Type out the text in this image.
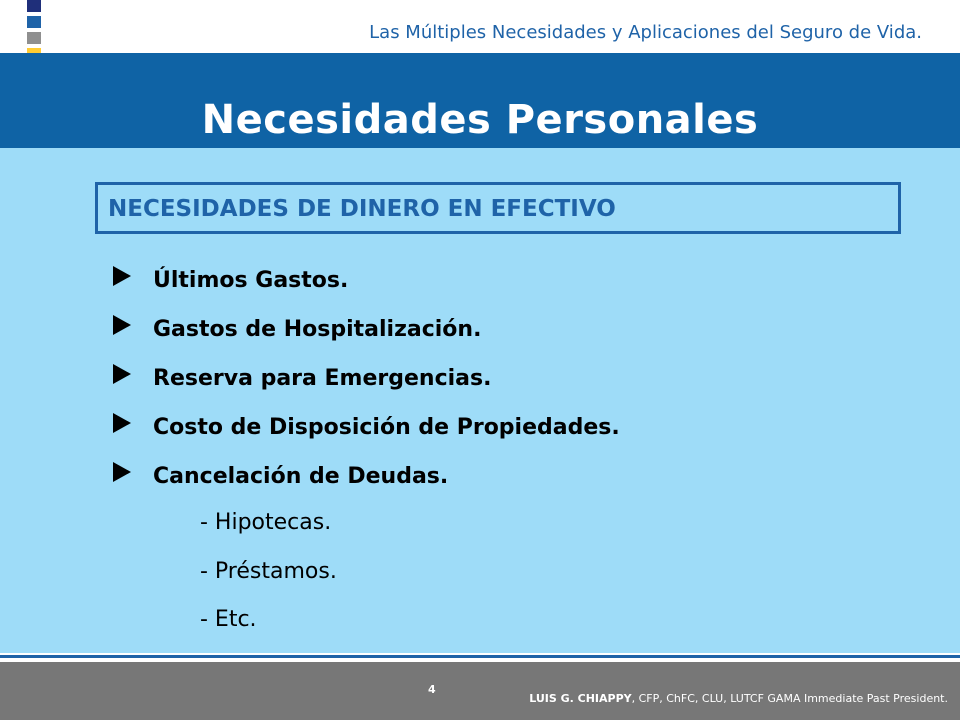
Las Múltiples Necesidades y Aplicaciones del Seguro de Vida.
Necesidades Personales
NECESIDADES DE DINERO EN EFECTIVO
Últimos Gastos.
Gastos de Hospitalización.
Reserva para Emergencias.
Costo de Disposición de Propiedades.
Cancelación de Deudas.
- Hipotecas.
- Préstamos.
- Etc.
4
LUIS G. CHIAPPY, CFP, ChFC, CLU, LUTCF GAMA Immediate Past President.
